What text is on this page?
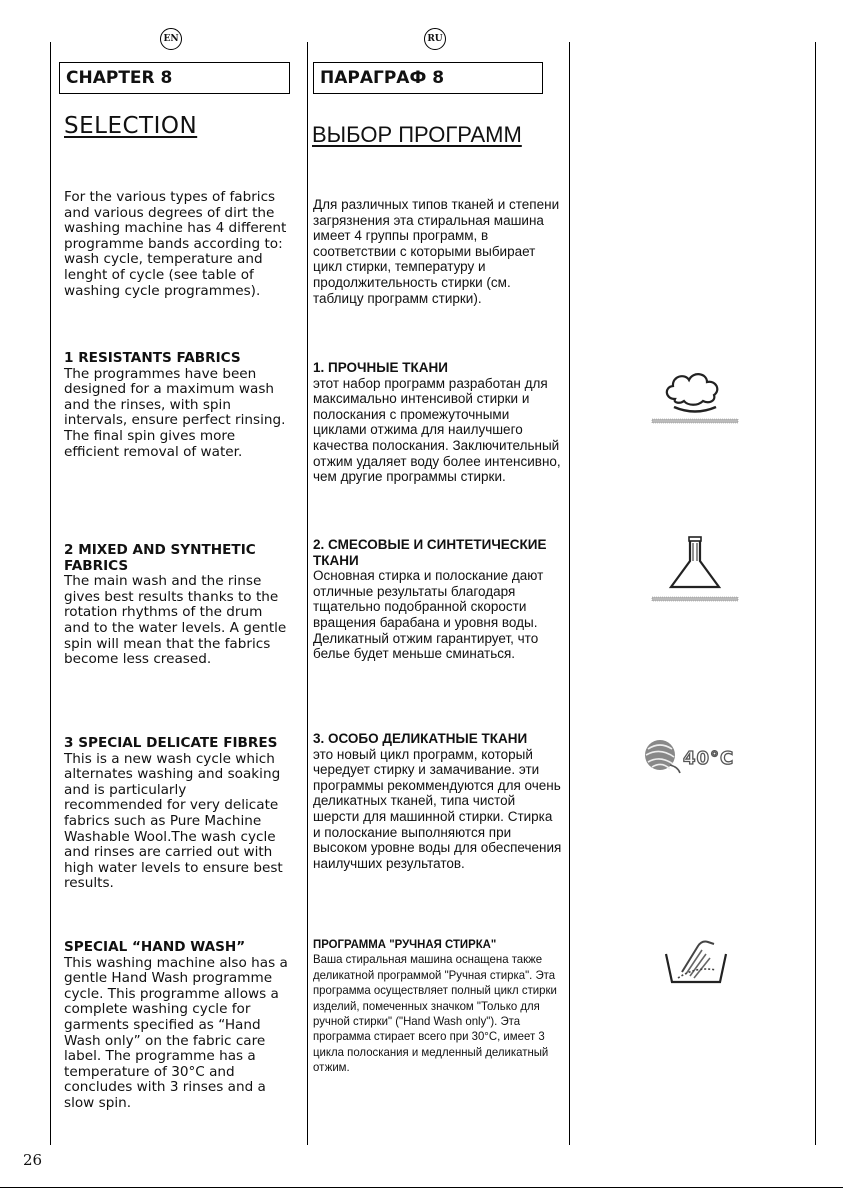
EN	RU
CHAPTER 8	ПАРАГРАФ 8
SELECTION	ВЫБОР ПРОГРАММ

For the various types of fabrics and various degrees of dirt the washing machine has 4 different programme bands according to: wash cycle, temperature and lenght of cycle (see table of washing cycle programmes).

1 RESISTANTS FABRICS

The programmes have been designed for a maximum wash and the rinses, with spin intervals, ensure perfect rinsing. The final spin gives more efficient removal of water.

2 MIXED AND SYNTHETIC FABRICS

The main wash and the rinse gives best results thanks to the rotation rhythms of the drum and to the water levels. A gentle spin will mean that the fabrics become less creased.

3 SPECIAL DELICATE FIBRES

This is a new wash cycle which alternates washing and soaking and is particularly recommended for very delicate fabrics such as Pure Machine Washable Wool.The wash cycle and rinses are carried out with high water levels to ensure best results.

SPECIAL “HAND WASH”

This washing machine also has a gentle Hand Wash programme cycle. This programme allows a complete washing cycle for garments specified as “Hand Wash only” on the fabric care label. The programme has a temperature of 30°C and concludes with 3 rinses and a slow spin.

Для различных типов тканей и степени загрязнения эта стиральная машина имеет 4 группы программ, в соответствии с которыми выбирает цикл стирки, температуру и продолжительность стирки (см. таблицу программ стирки).

1. ПРОЧНЫЕ ТКАНИ

этот набор программ разработан для максимально интенсивой стирки и полоскания с промежуточными циклами отжима для наилучшего качества полоскания. Заключительный отжим удаляет воду более интенсивно, чем другие программы стирки.

2. СМЕСОВЫЕ И СИНТЕТИЧЕСКИЕ ТКАНИ

Основная стирка и полоскание дают отличные результаты благодаря тщательно подобранной скорости вращения барабана и уровня воды. Деликатный отжим гарантирует, что белье будет меньше сминаться.

3. ОСОБО ДЕЛИКАТНЫЕ ТКАНИ

это новый цикл программ, который чередует стирку и замачивание. эти программы рекоммендуются для очень деликатных тканей, типа чистой шерсти для машинной стирки. Стирка и полоскание выполняются при высоком уровне воды для обеспечения наилучших результатов.

ПРОГРАММА "РУЧНАЯ СТИРКА"

Ваша стиральная машина оснащена также деликатной программой "Ручная стирка". Эта программа осуществляет полный цикл стирки изделий, помеченных значком "Только для ручной стирки" ("Hand Wash only"). Эта программа стирает всего при 30°C, имеет 3 цикла полоскания и медленный деликатный отжим.

40°C
26
